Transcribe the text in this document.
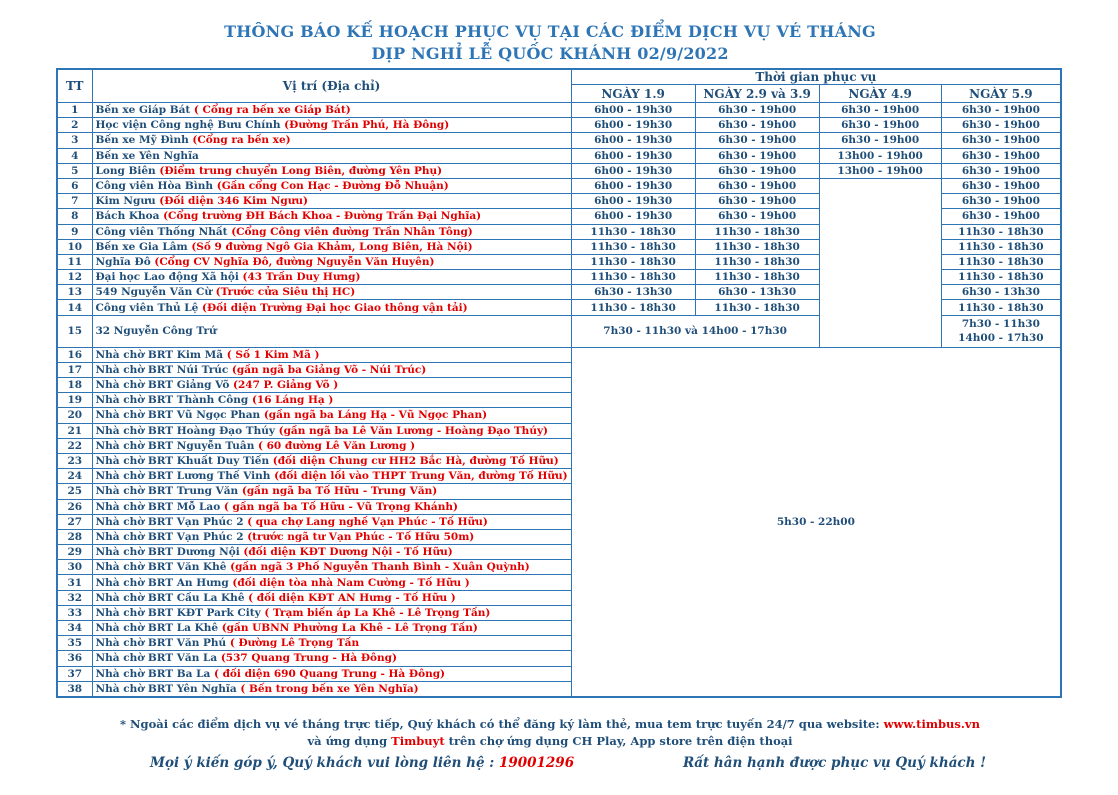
THÔNG BÁO KẾ HOẠCH PHỤC VỤ TẠI CÁC ĐIỂM DỊCH VỤ VÉ THÁNG
DỊP NGHỈ LỄ QUỐC KHÁNH 02/9/2022
TT	Vị trí (Địa chỉ)	Thời gian phục vụ			
		NGÀY 1.9	NGÀY 2.9 và 3.9	NGÀY 4.9	NGÀY 5.9
1	Bến xe Giáp Bát ( Cổng ra bến xe Giáp Bát)	6h00 - 19h30	6h30 - 19h00	6h30 - 19h00	6h30 - 19h00
2	Học viện Công nghệ Bưu Chính (Đường Trần Phú, Hà Đông)	6h00 - 19h30	6h30 - 19h00	6h30 - 19h00	6h30 - 19h00
3	Bến xe Mỹ Đình (Cổng ra bến xe)	6h00 - 19h30	6h30 - 19h00	6h30 - 19h00	6h30 - 19h00
4	Bến xe Yên Nghĩa	6h00 - 19h30	6h30 - 19h00	13h00 - 19h00	6h30 - 19h00
5	Long Biên (Điểm trung chuyển Long Biên, đường Yên Phụ)	6h00 - 19h30	6h30 - 19h00	13h00 - 19h00	6h30 - 19h00
6	Công viên Hòa Bình (Gần cổng Con Hạc - Đường Đỗ Nhuận)	6h00 - 19h30	6h30 - 19h00		6h30 - 19h00
7	Kim Ngưu (Đối diện 346 Kim Ngưu)	6h00 - 19h30	6h30 - 19h00		6h30 - 19h00
8	Bách Khoa (Cổng trường ĐH Bách Khoa - Đường Trần Đại Nghĩa)	6h00 - 19h30	6h30 - 19h00		6h30 - 19h00
9	Công viên Thống Nhất (Cổng Công viên đường Trần Nhân Tông)	11h30 - 18h30	11h30 - 18h30		11h30 - 18h30
10	Bến xe Gia Lâm (Số 9 đường Ngô Gia Khảm, Long Biên, Hà Nội)	11h30 - 18h30	11h30 - 18h30		11h30 - 18h30
11	Nghĩa Đô (Cổng CV Nghĩa Đô, đường Nguyễn Văn Huyên)	11h30 - 18h30	11h30 - 18h30		11h30 - 18h30
12	Đại học Lao động Xã hội (43 Trần Duy Hưng)	11h30 - 18h30	11h30 - 18h30		11h30 - 18h30
13	549 Nguyễn Văn Cừ (Trước cửa Siêu thị HC)	6h30 - 13h30	6h30 - 13h30		6h30 - 13h30
14	Công viên Thủ Lệ (Đối diện Trường Đại học Giao thông vận tải)	11h30 - 18h30	11h30 - 18h30		11h30 - 18h30
15	32 Nguyễn Công Trứ	7h30 - 11h30 và 14h00 - 17h30			7h30 - 11h30
14h00 - 17h30

16	Nhà chờ BRT Kim Mã ( Số 1 Kim Mã )	5h30 - 22h00			
17	Nhà chờ BRT Núi Trúc (gần ngã ba Giảng Võ - Núi Trúc)				
18	Nhà chờ BRT Giảng Võ (247 P. Giảng Võ )				
19	Nhà chờ BRT Thành Công (16 Láng Hạ )				
20	Nhà chờ BRT Vũ Ngọc Phan (gần ngã ba Láng Hạ - Vũ Ngọc Phan)				
21	Nhà chờ BRT Hoàng Đạo Thúy (gần ngã ba Lê Văn Lương - Hoàng Đạo Thúy)				
22	Nhà chờ BRT Nguyễn Tuân ( 60 đường Lê Văn Lương )				
23	Nhà chờ BRT Khuất Duy Tiến (đối diện Chung cư HH2 Bắc Hà, đường Tố Hữu)				
24	Nhà chờ BRT Lương Thế Vinh (đối diện lối vào THPT Trung Văn, đường Tố Hữu)				
25	Nhà chờ BRT Trung Văn (gần ngã ba Tố Hữu - Trung Văn)				
26	Nhà chờ BRT Mỗ Lao ( gần ngã ba Tố Hữu - Vũ Trọng Khánh)				
27	Nhà chờ BRT Vạn Phúc 2 ( qua chợ Lang nghề Vạn Phúc - Tố Hữu)				
28	Nhà chờ BRT Vạn Phúc 2 (trước ngã tư Vạn Phúc - Tố Hữu 50m)				
29	Nhà chờ BRT Dương Nội (đối diện KĐT Dương Nội - Tố Hữu)				
30	Nhà chờ BRT Văn Khê (gần ngã 3 Phố Nguyễn Thanh Bình - Xuân Quỳnh)				
31	Nhà chờ BRT An Hưng (đối diện tòa nhà Nam Cường - Tố Hữu )				
32	Nhà chờ BRT Cầu La Khê ( đối diện KĐT AN Hưng - Tố Hữu )				
33	Nhà chờ BRT KĐT Park City ( Trạm biến áp La Khê - Lê Trọng Tấn)				
34	Nhà chờ BRT La Khê (gần UBNN Phường La Khê - Lê Trọng Tấn)				
35	Nhà chờ BRT Văn Phú ( Đường Lê Trọng Tấn				
36	Nhà chờ BRT Văn La (537 Quang Trung - Hà Đông)				
37	Nhà chờ BRT Ba La ( đối diện 690 Quang Trung - Hà Đông)				
38	Nhà chờ BRT Yên Nghĩa ( Bến trong bến xe Yên Nghĩa)				
* Ngoài các điểm dịch vụ vé tháng trực tiếp, Quý khách có thể đăng ký làm thẻ, mua tem trực tuyến 24/7 qua website: www.timbus.vn
và ứng dụng Timbuyt trên chợ ứng dụng CH Play, App store trên điện thoại
Mọi ý kiến góp ý, Quý khách vui lòng liên hệ : 19001296	Rất hân hạnh được phục vụ Quý khách !
